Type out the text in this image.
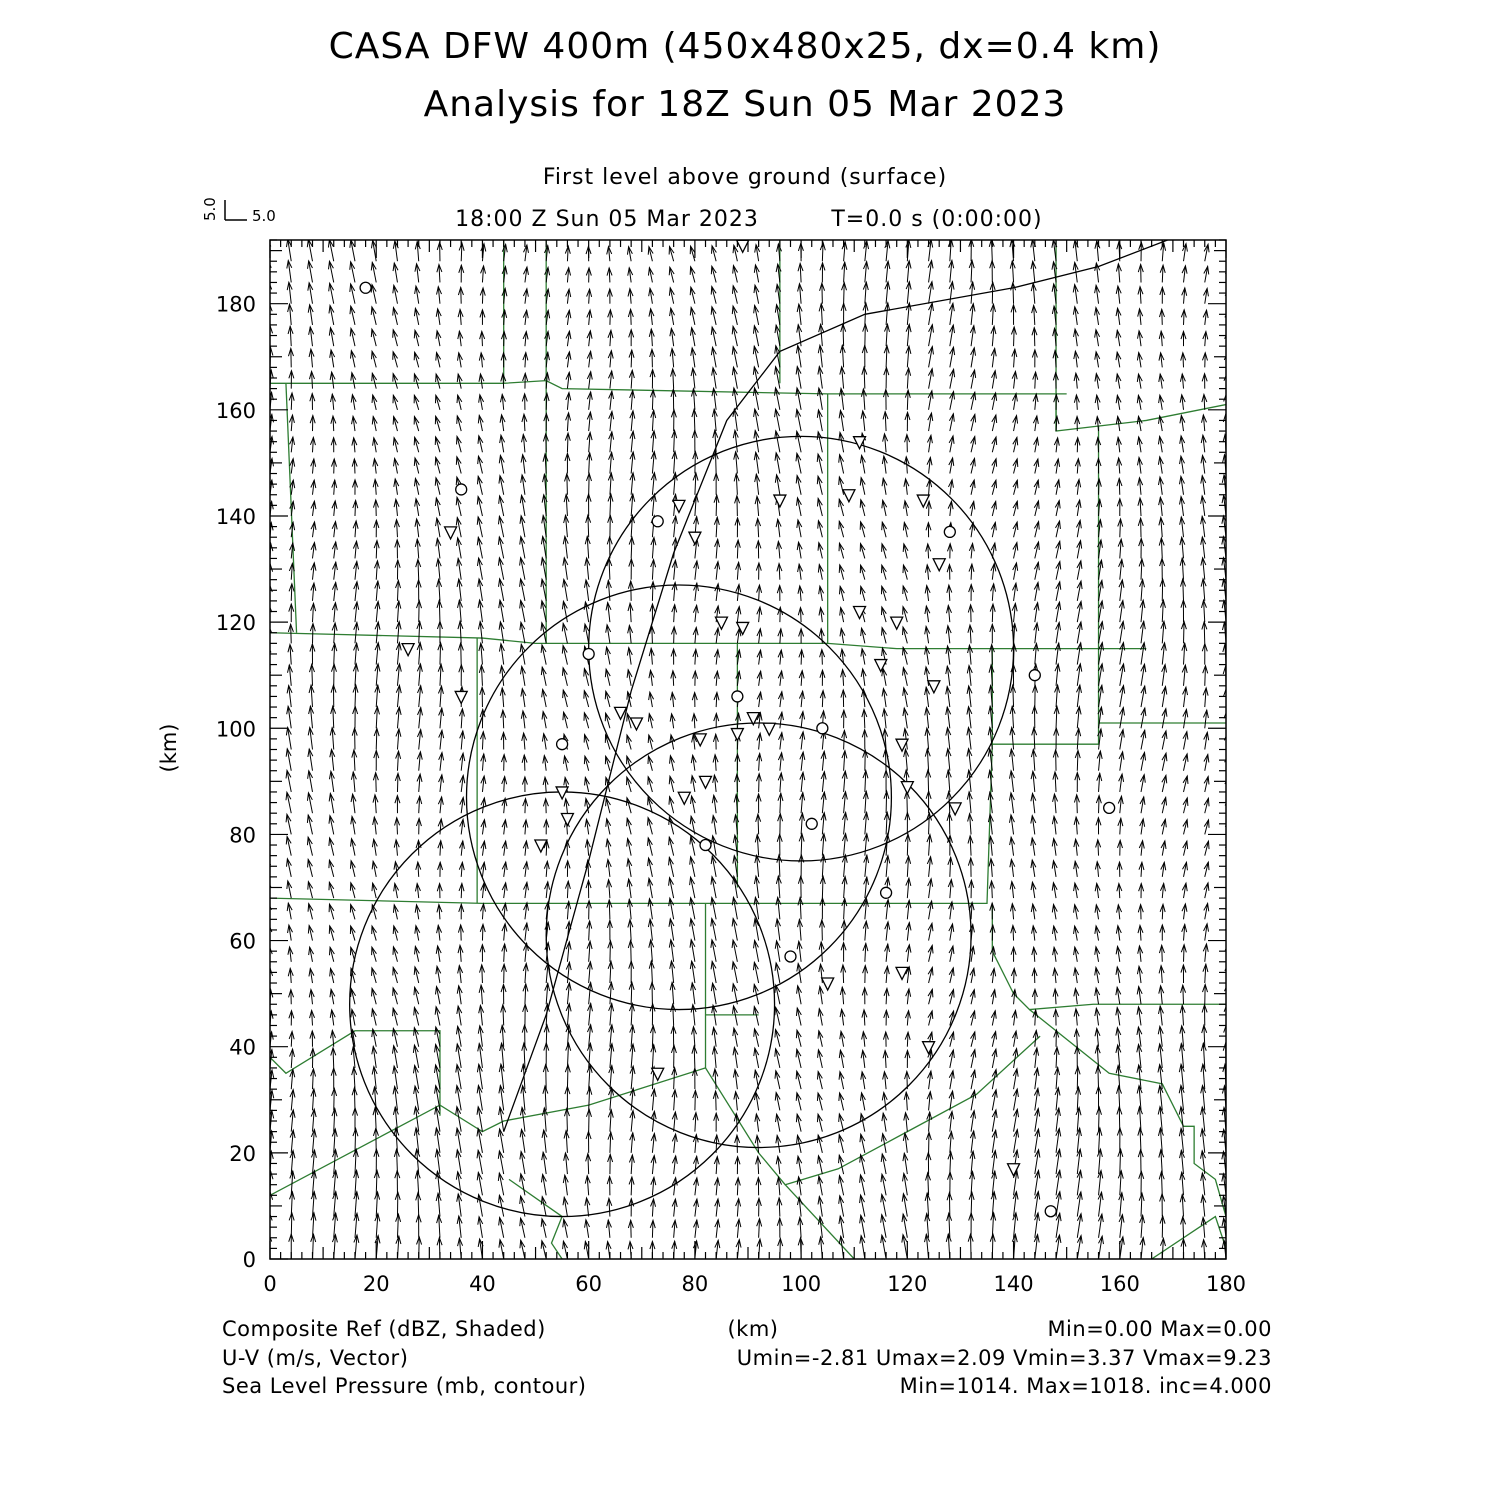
CASA DFW 400m (450x480x25, dx=0.4 km)
Analysis for 18Z Sun 05 Mar 2023
First level above ground (surface)
18:00 Z Sun 05 Mar 2023	T=0.0 s (0:00:00)
5.0
5.0
0	20	40	60	80	100	120	140	160	180
0
20
40
60
80
100
120
140
160
180
(km)
Composite Ref (dBZ, Shaded)	(km)	Min=0.00 Max=0.00
U-V (m/s, Vector)	Umin=-2.81 Umax=2.09 Vmin=3.37 Vmax=9.23
Sea Level Pressure (mb, contour)	Min=1014. Max=1018. inc=4.000
